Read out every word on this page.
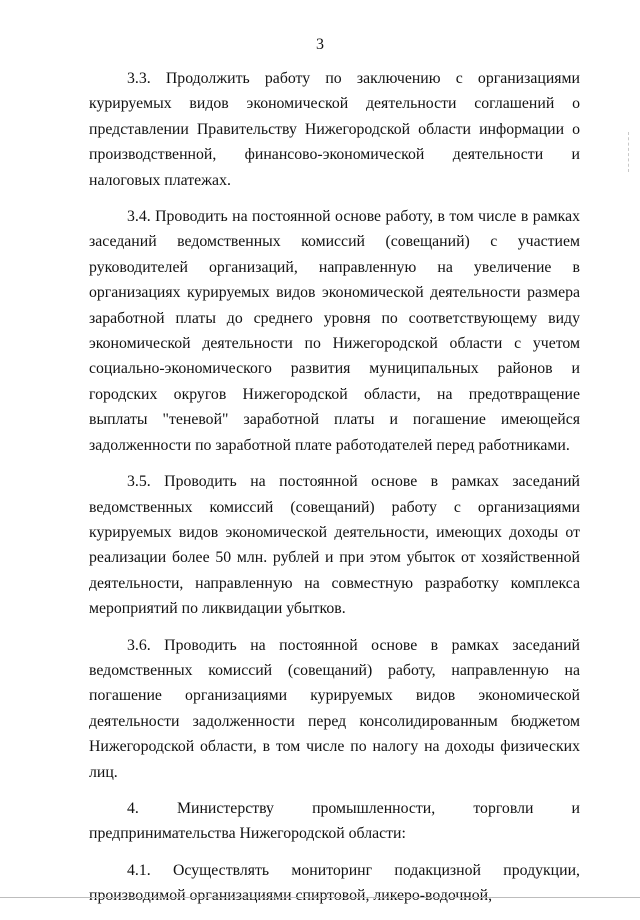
3

3.3. Продолжить работу по заключению с организациями курируемых видов экономической деятельности соглашений о представлении Правительству Нижегородской области информации о производственной, финансово-экономической деятельности и налоговых платежах.

3.4. Проводить на постоянной основе работу, в том числе в рамках заседаний ведомственных комиссий (совещаний) с участием руководителей организаций, направленную на увеличение в организациях курируемых видов экономической деятельности размера заработной платы до среднего уровня по соответствующему виду экономической деятельности по Нижегородской области с учетом социально-экономического развития муниципальных районов и городских округов Нижегородской области, на предотвращение выплаты "теневой" заработной платы и погашение имеющейся задолженности по заработной плате работодателей перед работниками.

3.5. Проводить на постоянной основе в рамках заседаний ведомственных комиссий (совещаний) работу с организациями курируемых видов экономической деятельности, имеющих доходы от реализации более 50 млн. рублей и при этом убыток от хозяйственной деятельности, направленную на совместную разработку комплекса мероприятий по ликвидации убытков.

3.6. Проводить на постоянной основе в рамках заседаний ведомственных комиссий (совещаний) работу, направленную на погашение организациями курируемых видов экономической деятельности задолженности перед консолидированным бюджетом Нижегородской области, в том числе по налогу на доходы физических лиц.

4. Министерству промышленности, торговли и предпринимательства Нижегородской области:

4.1. Осуществлять мониторинг подакцизной продукции, производимой организациями спиртовой, ликеро-водочной,
